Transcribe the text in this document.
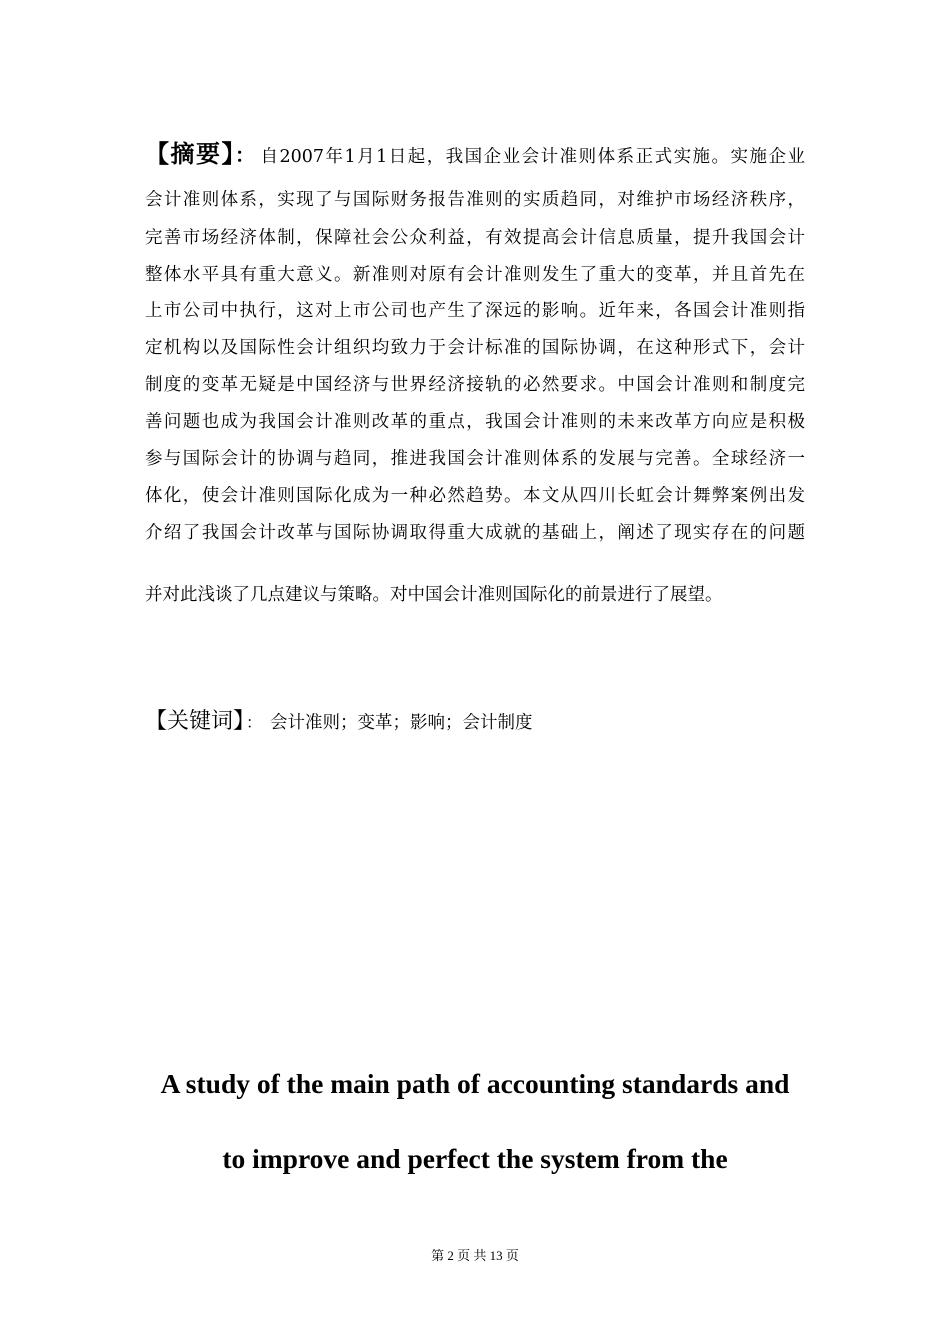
【摘要】： 自2007年1月1日起，我国企业会计准则体系正式实施。实施企业
会计准则体系，实现了与国际财务报告准则的实质趋同，对维护市场经济秩序，
完善市场经济体制，保障社会公众利益，有效提高会计信息质量，提升我国会计
整体水平具有重大意义。新准则对原有会计准则发生了重大的变革，并且首先在
上市公司中执行，这对上市公司也产生了深远的影响。近年来，各国会计准则指
定机构以及国际性会计组织均致力于会计标准的国际协调，在这种形式下，会计
制度的变革无疑是中国经济与世界经济接轨的必然要求。中国会计准则和制度完
善问题也成为我国会计准则改革的重点，我国会计准则的未来改革方向应是积极
参与国际会计的协调与趋同，推进我国会计准则体系的发展与完善。全球经济一
体化，使会计准则国际化成为一种必然趋势。本文从四川长虹会计舞弊案例出发
介绍了我国会计改革与国际协调取得重大成就的基础上，阐述了现实存在的问题
并对此浅谈了几点建议与策略。对中国会计准则国际化的前景进行了展望。
【关键词】 ： 会计准则；变革；影响；会计制度
A study of the main path of accounting standards and
to improve and perfect the system from the
第 2 页 共 13 页
